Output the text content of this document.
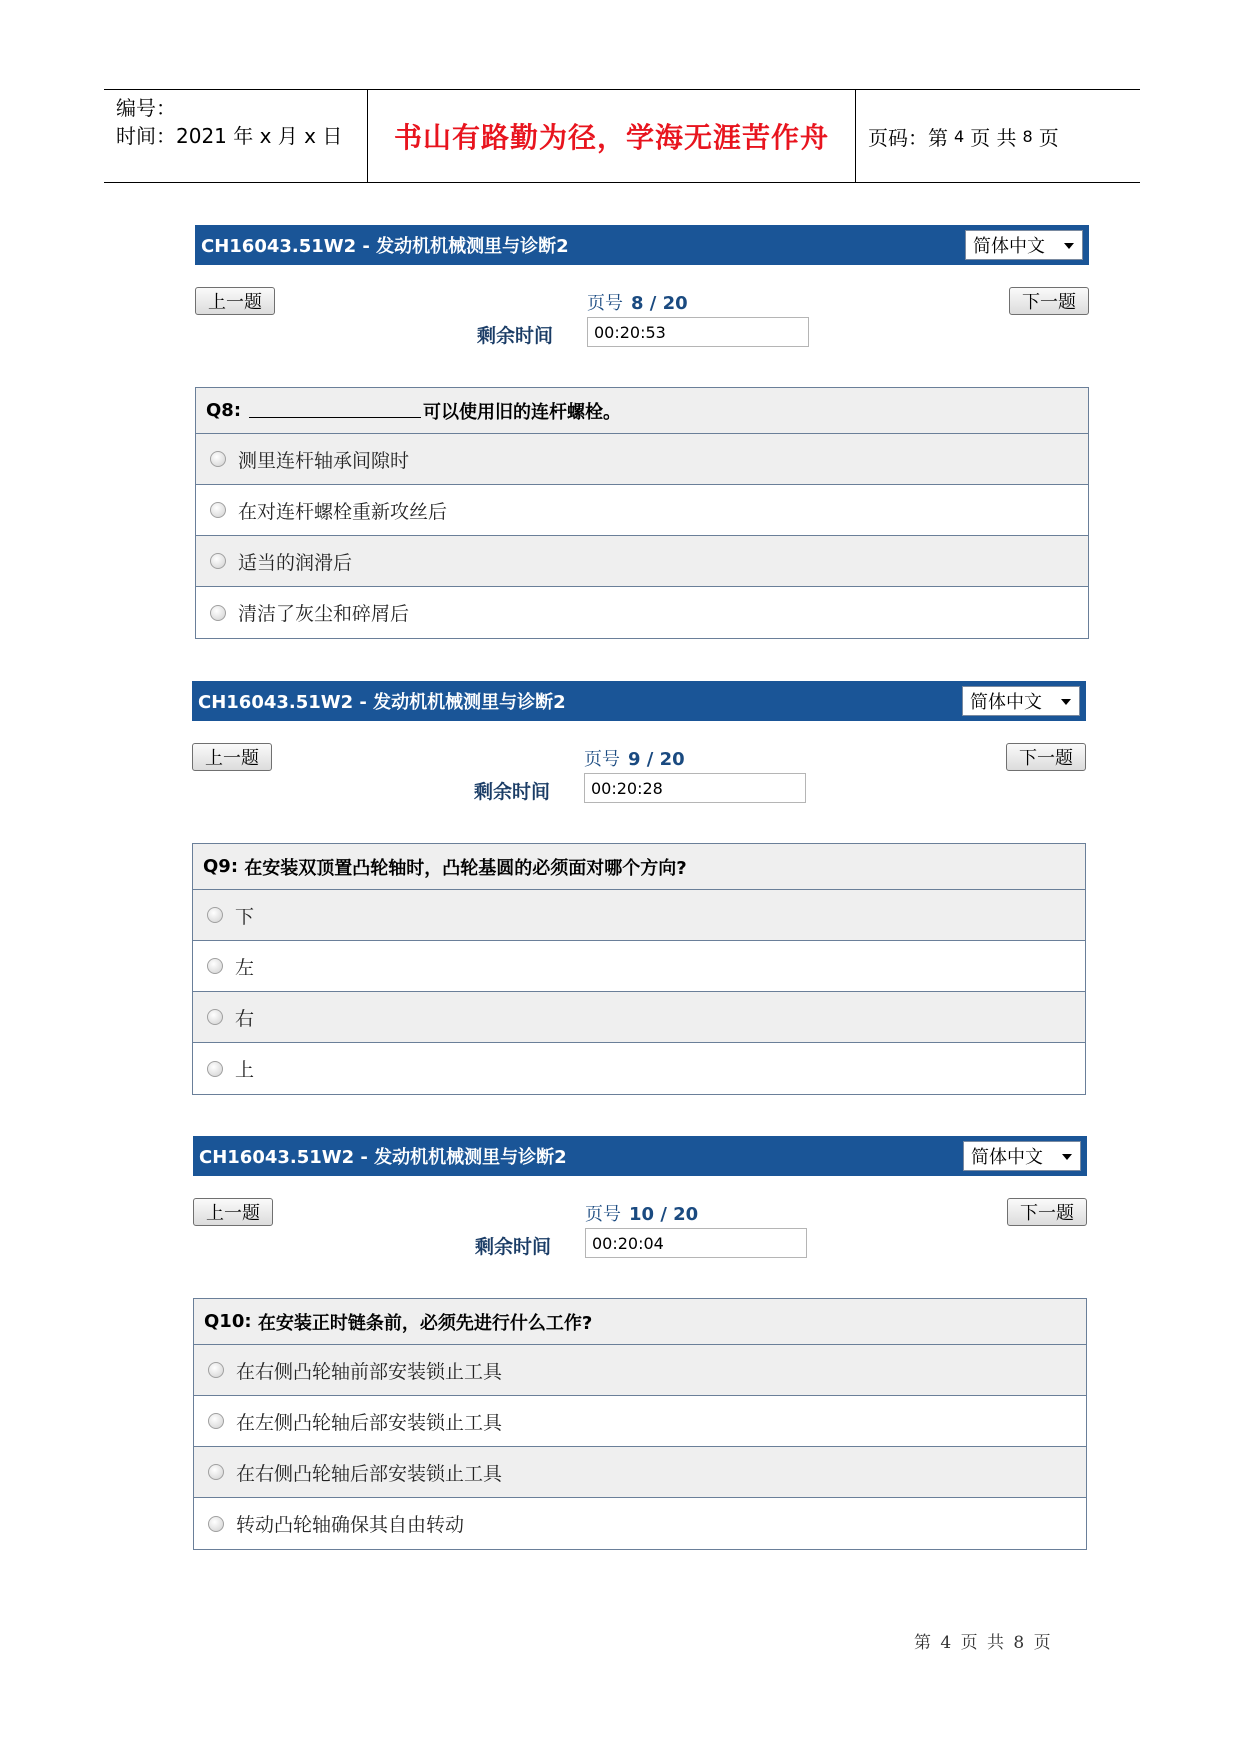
编号：
时间：2021 年 x 月 x 日	书山有路勤为径，学海无涯苦作舟	页码：第 4 页 共 8 页
CH16043.51W2 - 发动机机械测里与诊断2	简体中文
上一题	页号 8 / 20	下一题
剩余时间	00:20:53
Q8:	可以使用旧的连杆螺栓。
测里连杆轴承间隙时
在对连杆螺栓重新攻丝后
适当的润滑后
清洁了灰尘和碎屑后
CH16043.51W2 - 发动机机械测里与诊断2	简体中文
上一题	页号 9 / 20	下一题
剩余时间	00:20:28
Q9:
在安装双顶置凸轮轴时，凸轮基圆的必须面对哪个方向?
下
左
右
上
CH16043.51W2 - 发动机机械测里与诊断2	简体中文
上一题	页号 10 / 20	下一题
剩余时间	00:20:04
Q10:
在安装正时链条前，必须先进行什么工作?
在右侧凸轮轴前部安装锁止工具
在左侧凸轮轴后部安装锁止工具
在右侧凸轮轴后部安装锁止工具
转动凸轮轴确保其自由转动
第 4 页 共 8 页
